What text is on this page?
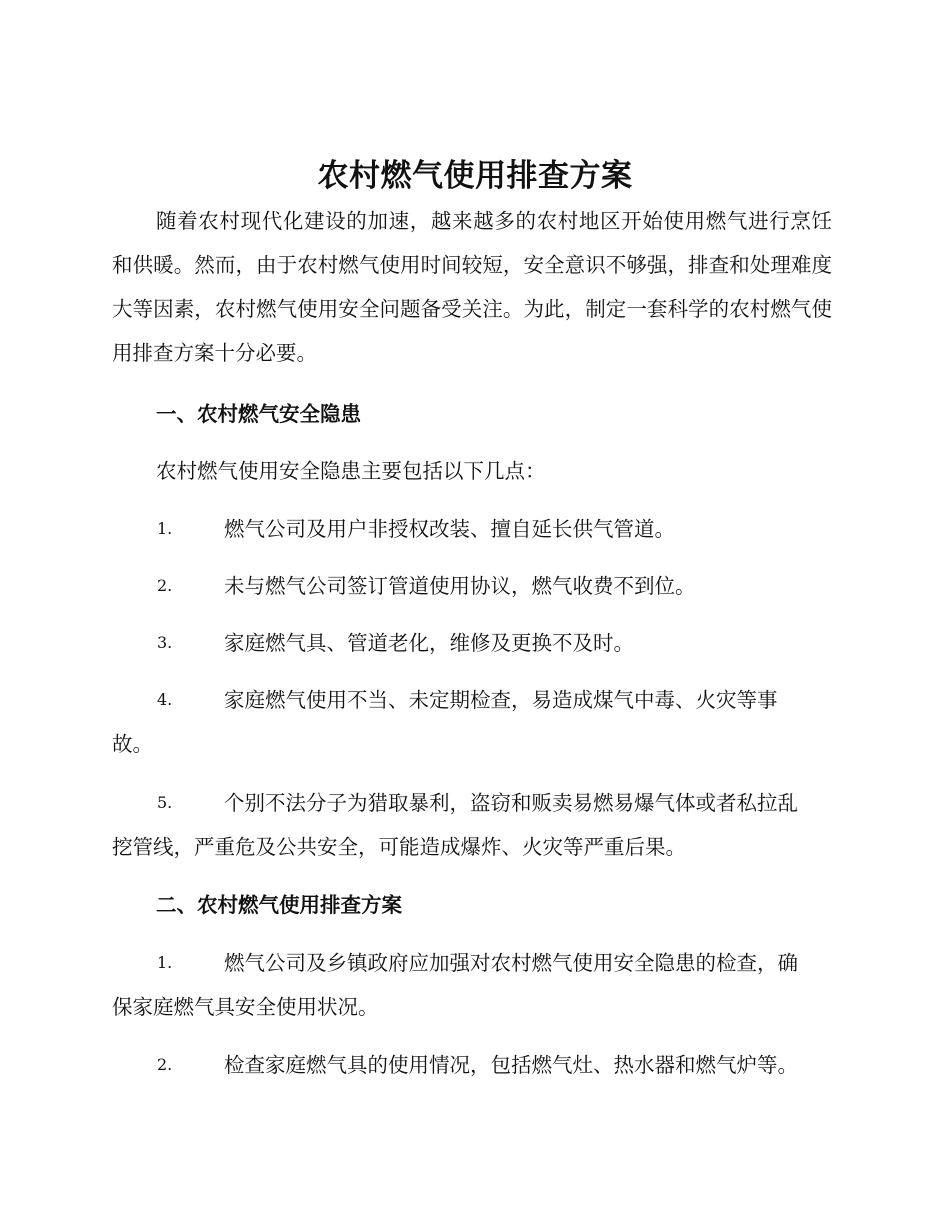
农村燃气使用排查方案
随着农村现代化建设的加速，越来越多的农村地区开始使用燃气进行烹饪和供暖。然而，由于农村燃气使用时间较短，安全意识不够强，排查和处理难度大等因素，农村燃气使用安全问题备受关注。为此，制定一套科学的农村燃气使用排查方案十分必要。
一、农村燃气安全隐患
农村燃气使用安全隐患主要包括以下几点：
1.	燃气公司及用户非授权改装、擅自延长供气管道。
2.	未与燃气公司签订管道使用协议，燃气收费不到位。
3.	家庭燃气具、管道老化，维修及更换不及时。
4.	家庭燃气使用不当、未定期检查，易造成煤气中毒、火灾等事
故。
5.	个别不法分子为猎取暴利，盗窃和贩卖易燃易爆气体或者私拉乱
挖管线，严重危及公共安全，可能造成爆炸、火灾等严重后果。
二、农村燃气使用排查方案
1.	燃气公司及乡镇政府应加强对农村燃气使用安全隐患的检查，确
保家庭燃气具安全使用状况。
2.	检查家庭燃气具的使用情况，包括燃气灶、热水器和燃气炉等。
